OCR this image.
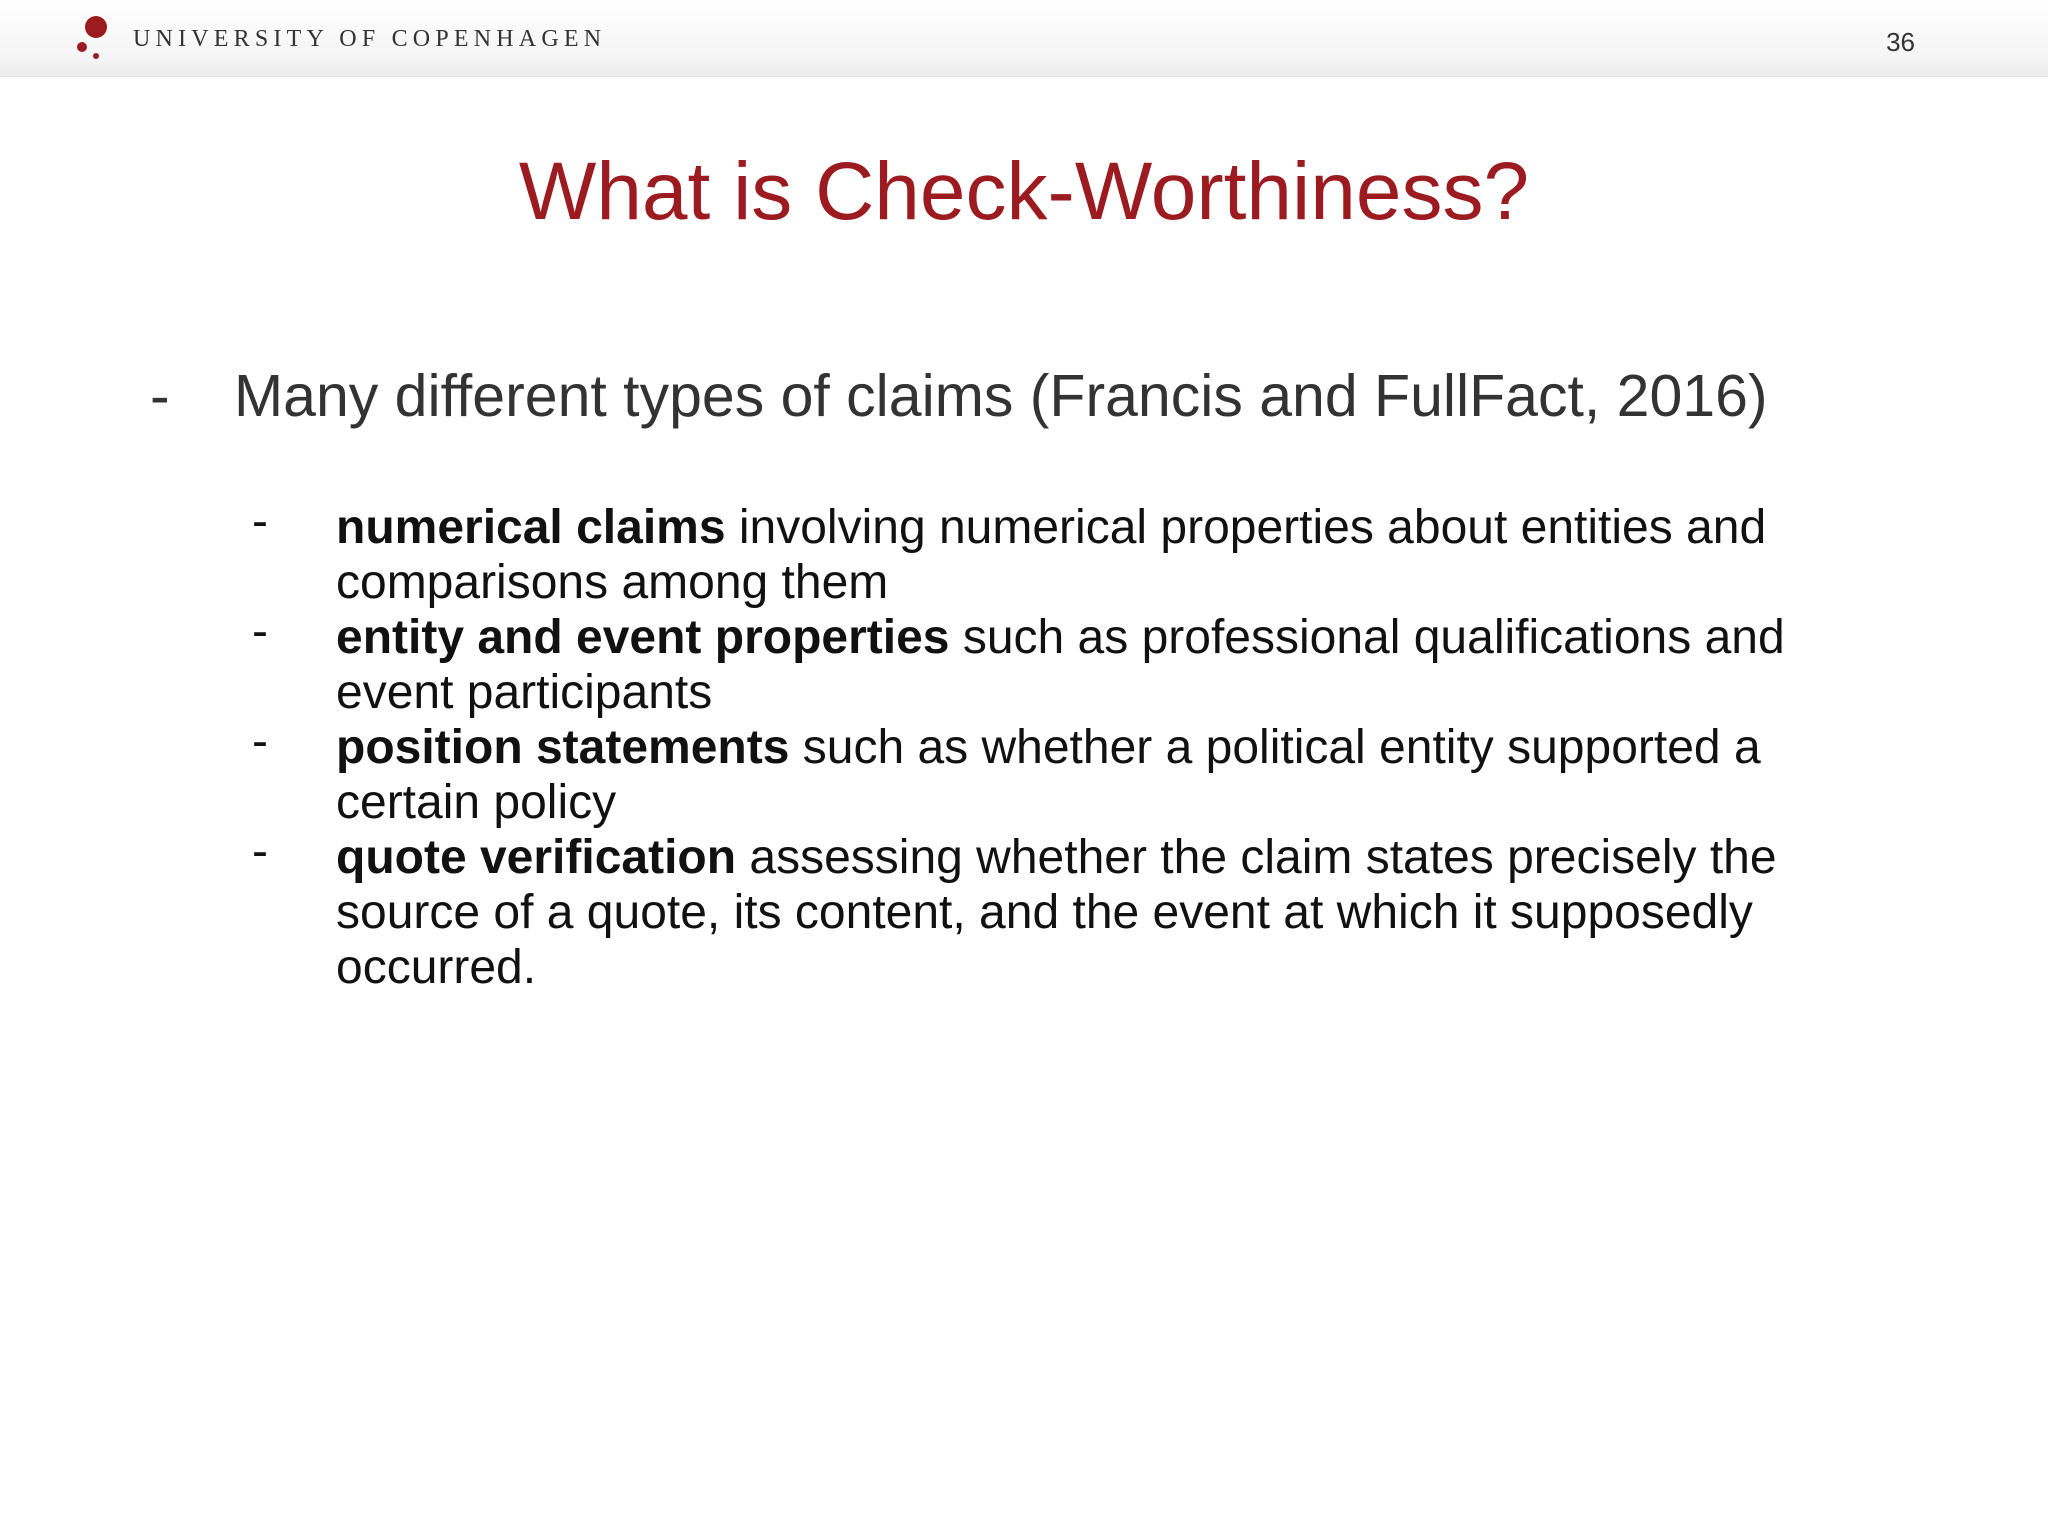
UNIVERSITY OF COPENHAGEN	36
What is Check-Worthiness?
- Many different types of claims (Francis and FullFact, 2016)
- numerical claims involving numerical properties about entities and comparisons among them
- entity and event properties such as professional qualifications and event participants
- position statements such as whether a political entity supported a certain policy
- quote verification assessing whether the claim states precisely the source of a quote, its content, and the event at which it supposedly occurred.
